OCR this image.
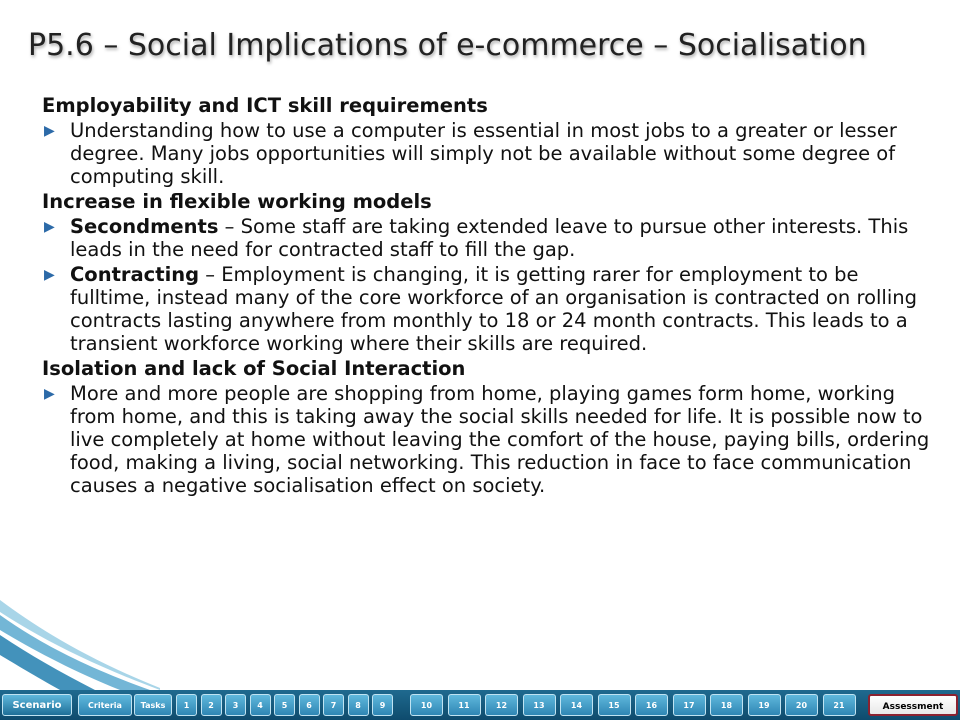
P5.6 – Social Implications of e-commerce – Socialisation
Employability and ICT skill requirements
▶ Understanding how to use a computer is essential in most jobs to a greater or lesser degree. Many jobs opportunities will simply not be available without some degree of computing skill.
Increase in flexible working models
▶ Secondments – Some staff are taking extended leave to pursue other interests. This leads in the need for contracted staff to fill the gap.
▶ Contracting – Employment is changing, it is getting rarer for employment to be fulltime, instead many of the core workforce of an organisation is contracted on rolling contracts lasting anywhere from monthly to 18 or 24 month contracts. This leads to a transient workforce working where their skills are required.
Isolation and lack of Social Interaction
▶ More and more people are shopping from home, playing games form home, working from home, and this is taking away the social skills needed for life. It is possible now to live completely at home without leaving the comfort of the house, paying bills, ordering food, making a living, social networking. This reduction in face to face communication causes a negative socialisation effect on society.
Scenario	Criteria	Tasks	1	2	3	4	5	6	7	8	9	10	11	12	13	14	15	16	17	18	19	20	21	Assessment
